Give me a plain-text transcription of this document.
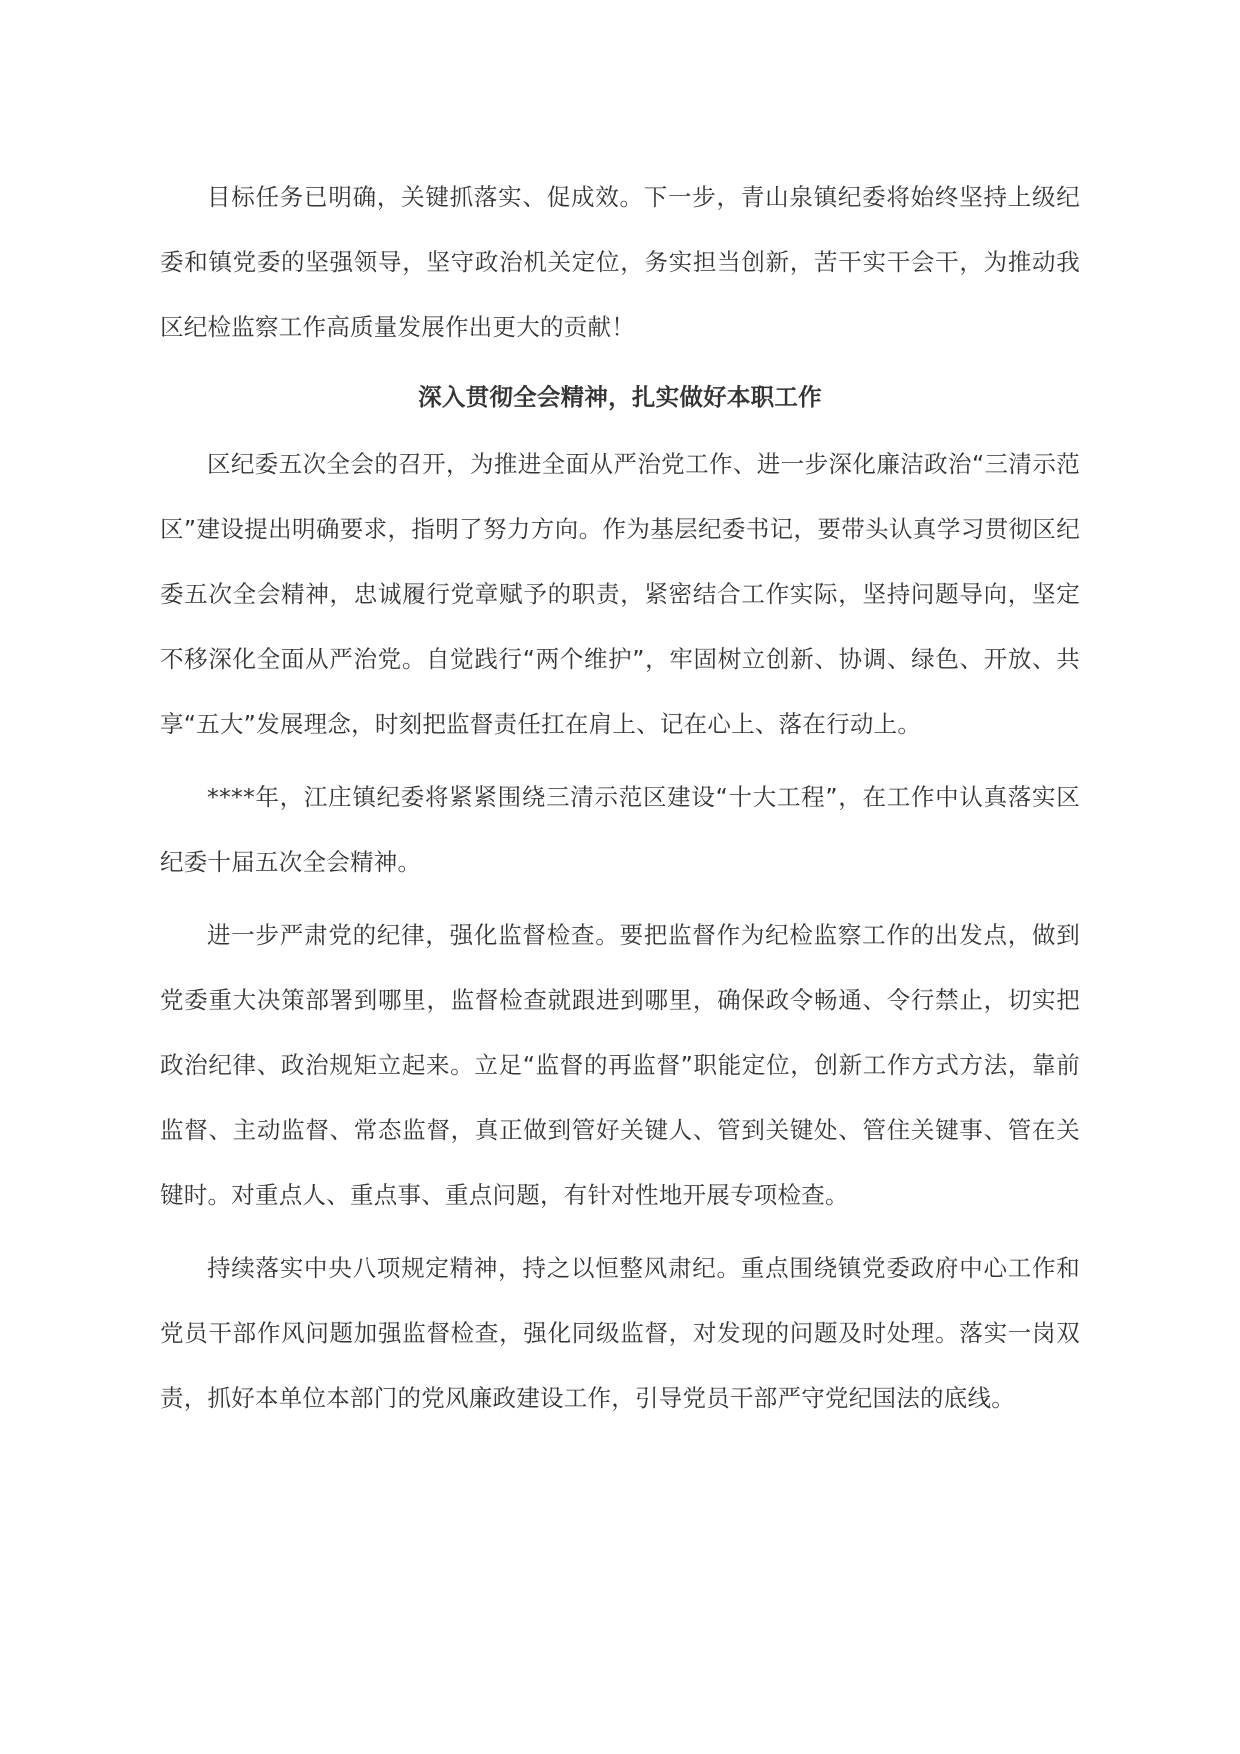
目标任务已明确，关键抓落实、促成效。下一步，青山泉镇纪委将始终坚持上级纪委和镇党委的坚强领导，坚守政治机关定位，务实担当创新，苦干实干会干，为推动我区纪检监察工作高质量发展作出更大的贡献！

深入贯彻全会精神，扎实做好本职工作

区纪委五次全会的召开，为推进全面从严治党工作、进一步深化廉洁政治“三清示范区”建设提出明确要求，指明了努力方向。作为基层纪委书记，要带头认真学习贯彻区纪委五次全会精神，忠诚履行党章赋予的职责，紧密结合工作实际，坚持问题导向，坚定不移深化全面从严治党。自觉践行“两个维护”，牢固树立创新、协调、绿色、开放、共享“五大”发展理念，时刻把监督责任扛在肩上、记在心上、落在行动上。

****年，江庄镇纪委将紧紧围绕三清示范区建设“十大工程”，在工作中认真落实区纪委十届五次全会精神。

进一步严肃党的纪律，强化监督检查。要把监督作为纪检监察工作的出发点，做到党委重大决策部署到哪里，监督检查就跟进到哪里，确保政令畅通、令行禁止，切实把政治纪律、政治规矩立起来。立足“监督的再监督”职能定位，创新工作方式方法，靠前监督、主动监督、常态监督，真正做到管好关键人、管到关键处、管住关键事、管在关键时。对重点人、重点事、重点问题，有针对性地开展专项检查。

持续落实中央八项规定精神，持之以恒整风肃纪。重点围绕镇党委政府中心工作和党员干部作风问题加强监督检查，强化同级监督，对发现的问题及时处理。落实一岗双责，抓好本单位本部门的党风廉政建设工作，引导党员干部严守党纪国法的底线。
